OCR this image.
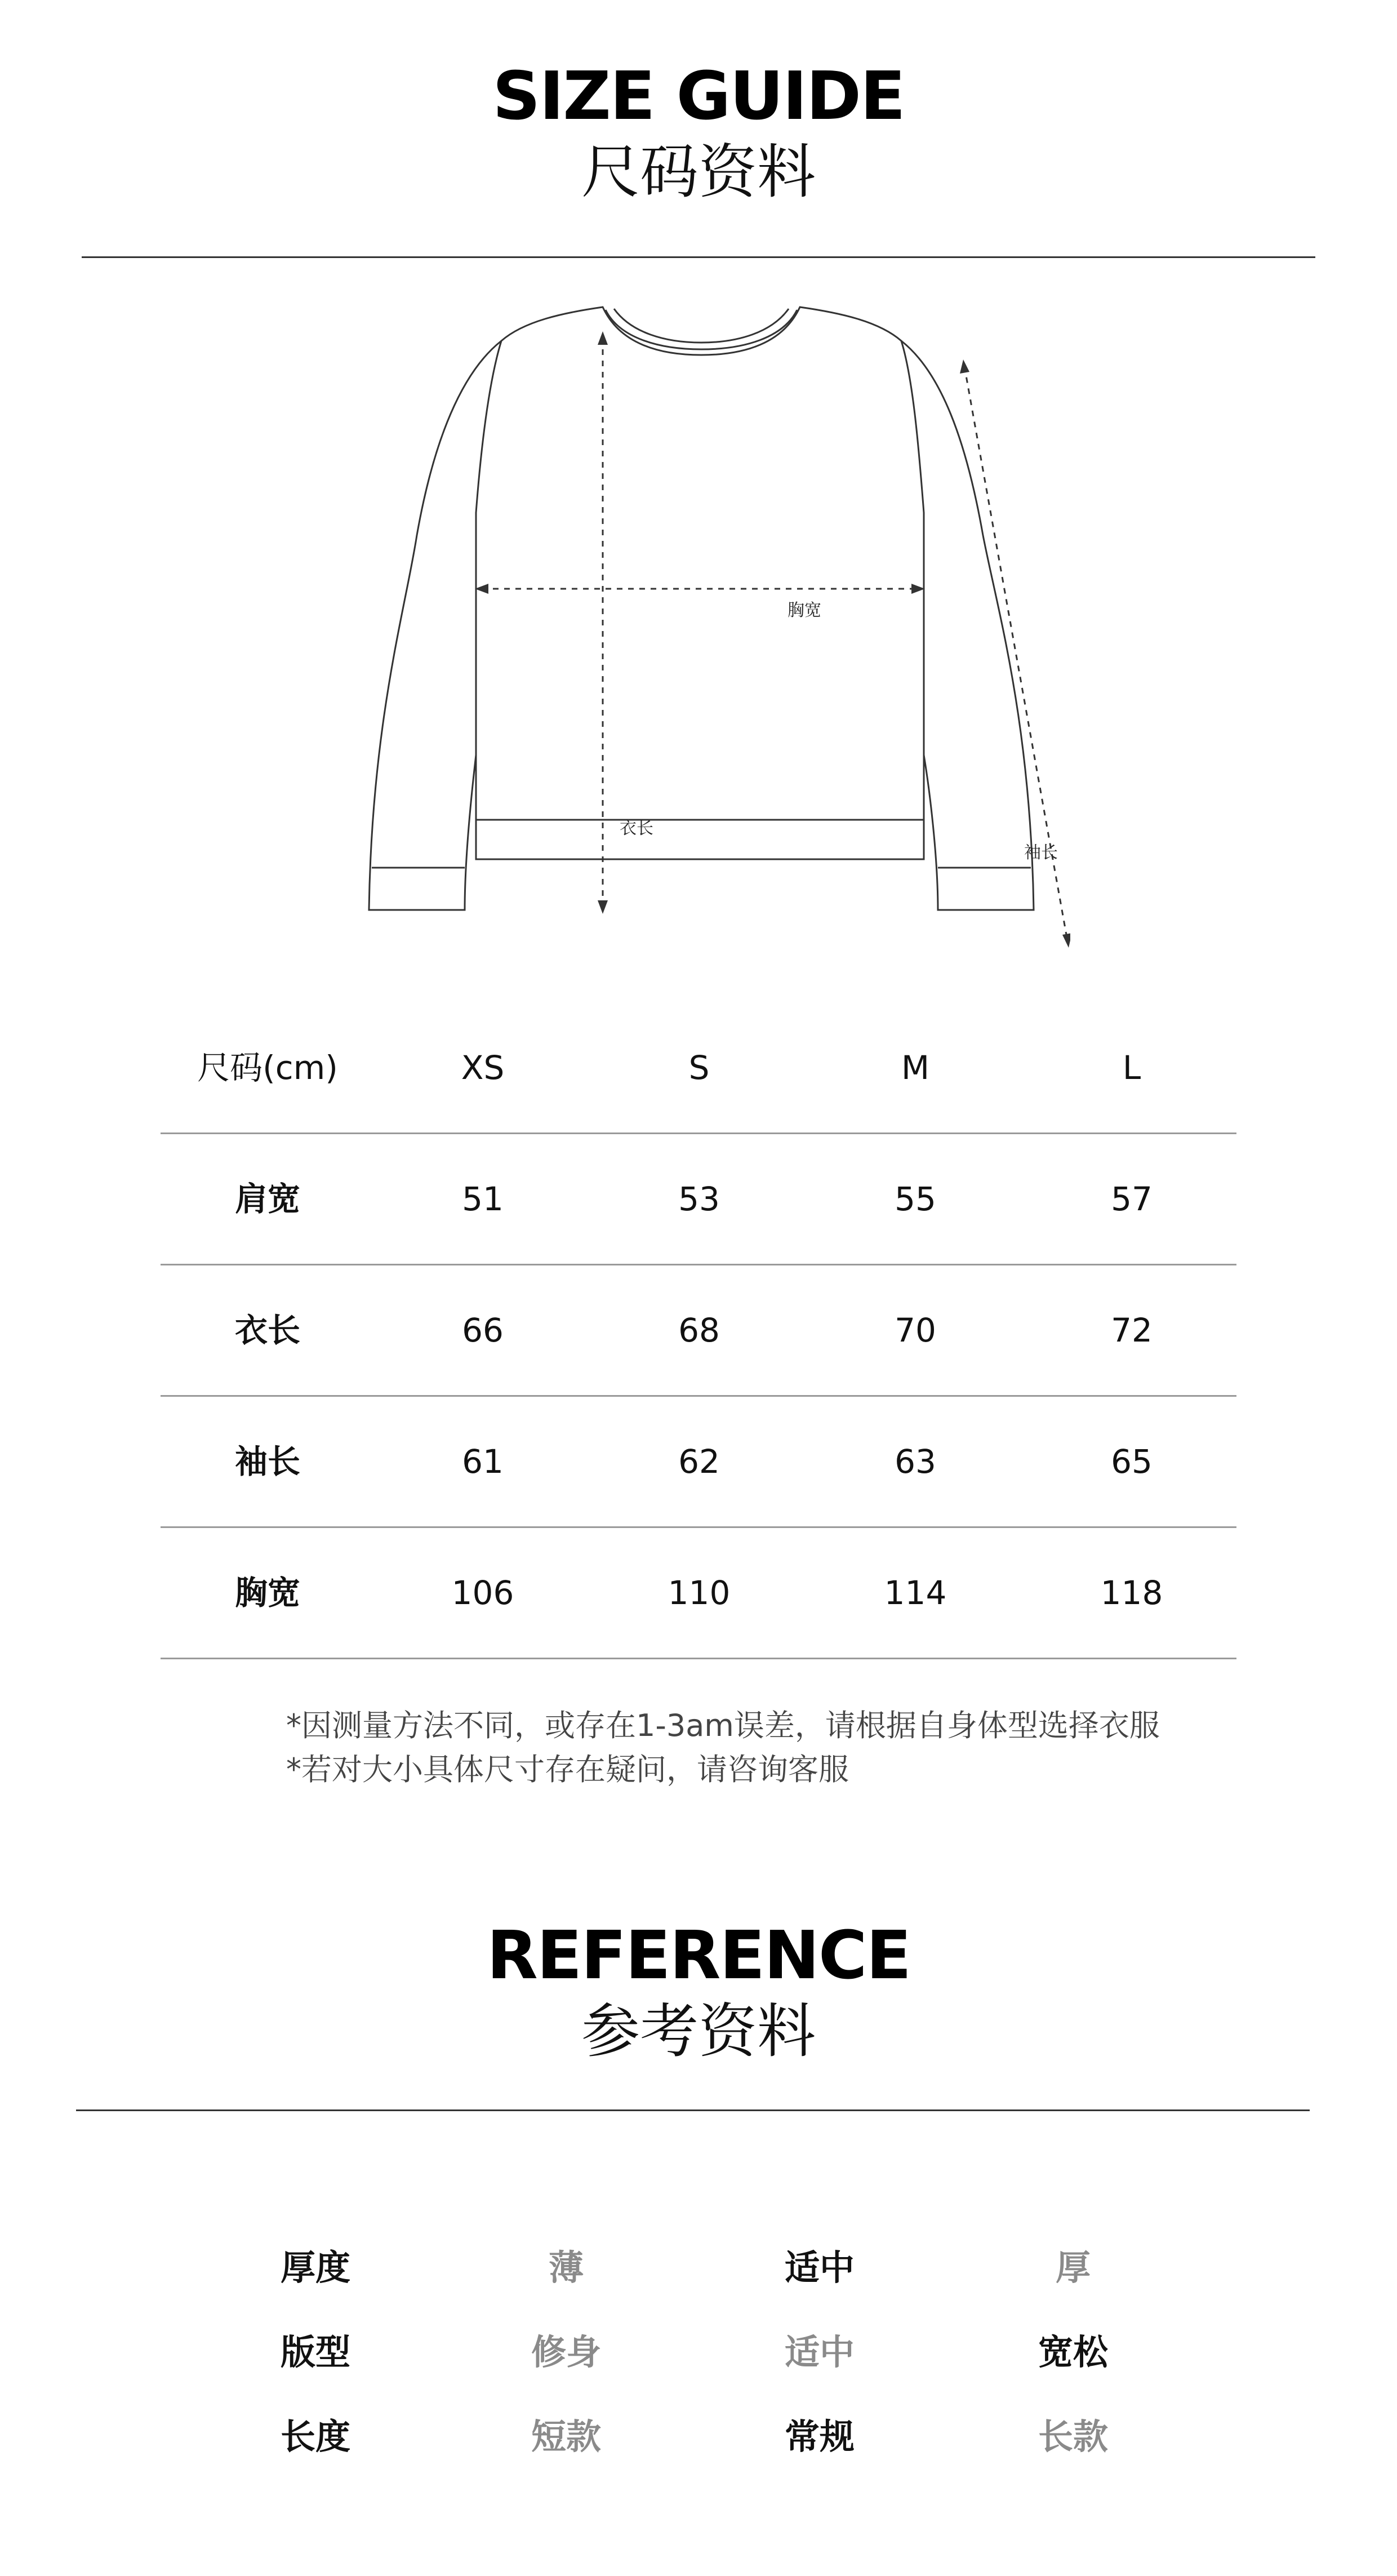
SIZE GUIDE
尺码资料
胸宽
衣长
袖长
尺码(cm)	XS	S	M	L
肩宽	51	53	55	57
衣长	66	68	70	72
袖长	61	62	63	65
胸宽	106	110	114	118
*因测量方法不同，或存在1-3am误差，请根据自身体型选择衣服
*若对大小具体尺寸存在疑问，请咨询客服
REFERENCE
参考资料
厚度	薄	适中	厚
版型	修身	适中	宽松
长度	短款	常规	长款
